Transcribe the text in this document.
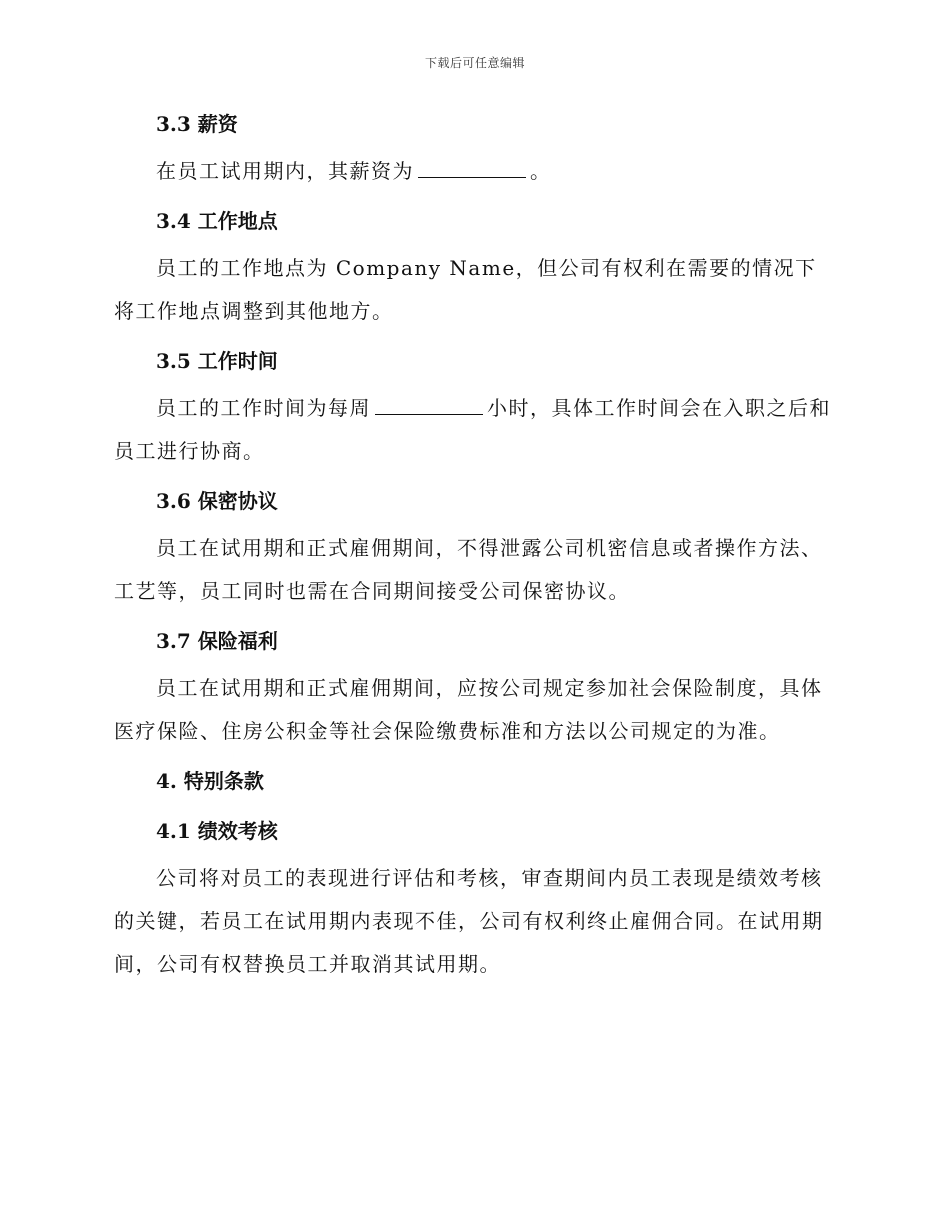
下载后可任意编辑
3.3 薪资

在员工试用期内，其薪资为	。

3.4 工作地点

员工的工作地点为 Company Name，但公司有权利在需要的情况下将工作地点调整到其他地方。

3.5 工作时间

员工的工作时间为每周	小时，具体工作时间会在入职之后和员工进行协商。

3.6 保密协议

员工在试用期和正式雇佣期间，不得泄露公司机密信息或者操作方法、工艺等，员工同时也需在合同期间接受公司保密协议。

3.7 保险福利

员工在试用期和正式雇佣期间，应按公司规定参加社会保险制度，具体医疗保险、住房公积金等社会保险缴费标准和方法以公司规定的为准。

4. 特别条款
4.1 绩效考核

公司将对员工的表现进行评估和考核，审查期间内员工表现是绩效考核的关键，若员工在试用期内表现不佳，公司有权利终止雇佣合同。在试用期间，公司有权替换员工并取消其试用期。
